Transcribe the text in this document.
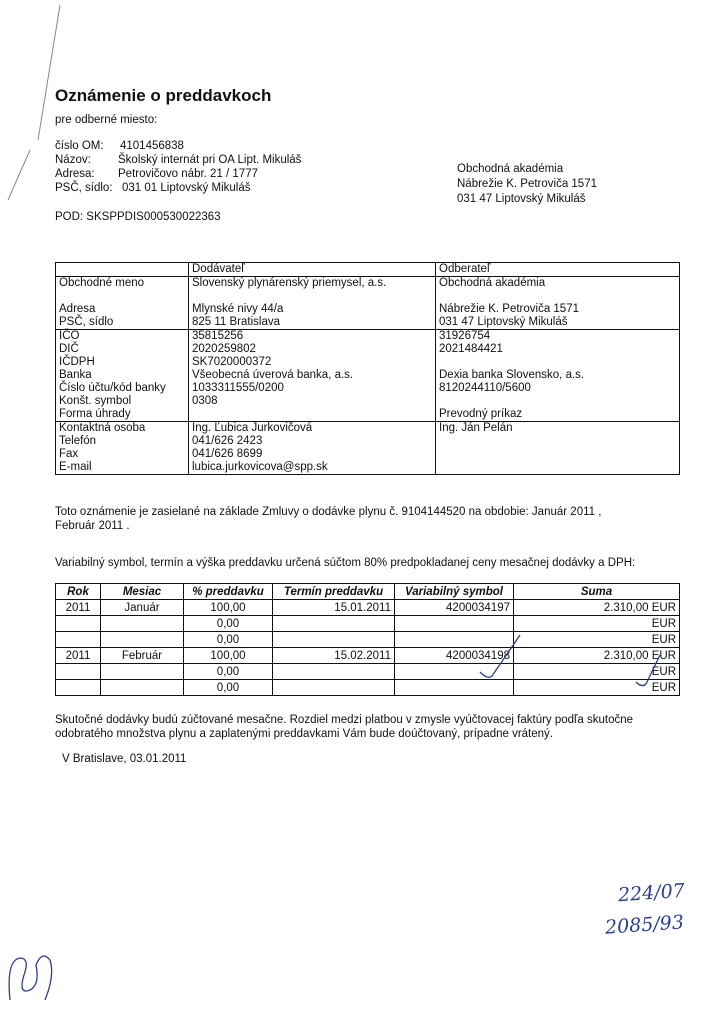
Oznámenie o preddavkoch
pre odberné miesto:
číslo OM: 4101456838
Názov: Školský internát pri OA Lipt. Mikuláš
Adresa: Petrovičovo nábr. 21 / 1777
PSČ, sídlo: 031 01 Liptovský Mikuláš
POD: SKSPPDIS000530022363
Obchodná akadémia
Nábrežie K. Petroviča 1571
031 47 Liptovský Mikuláš
	Dodávateľ	Odberateľ
Obchodné meno	Slovenský plynárenský priemysel, a.s.	Obchodná akadémia

Adresa	Mlynské nivy 44/a	Nábrežie K. Petroviča 1571
PSČ, sídlo	825 11 Bratislava	031 47 Liptovský Mikuláš
IČO	35815256	31926754
DIČ	2020259802	2021484421
IČDPH	SK7020000372	
Banka	Všeobecná úverová banka, a.s.	Dexia banka Slovensko, a.s.
Číslo účtu/kód banky	1033311555/0200	8120244110/5600
Konšt. symbol	0308	
Forma úhrady		Prevodný príkaz
Kontaktná osoba	Ing. Ľubica Jurkovičová	Ing. Ján Pelán
Telefón	041/626 2423	
Fax	041/626 8699	
E-mail	lubica.jurkovicova@spp.sk	
Toto oznámenie je zasielané na základe Zmluvy o dodávke plynu č. 9104144520 na obdobie: Január 2011 ,
Február 2011 .
Variabilný symbol, termín a výška preddavku určená súčtom 80% predpokladanej ceny mesačnej dodávky a DPH:
Rok	Mesiac	% preddavku	Termín preddavku	Variabilný symbol	Suma
2011	Január	100,00	15.01.2011	4200034197	2.310,00 EUR
		0,00			EUR
		0,00			EUR
2011	Február	100,00	15.02.2011	4200034198	2.310,00 EUR
		0,00			EUR
		0,00			EUR
Skutočné dodávky budú zúčtované mesačne. Rozdiel medzi platbou v zmysle vyúčtovacej faktúry podľa skutočne
odobratého množstva plynu a zaplatenými preddavkami Vám bude doúčtovaný, prípadne vrátený.
V Bratislave, 03.01.2011
224/07
2085/93
